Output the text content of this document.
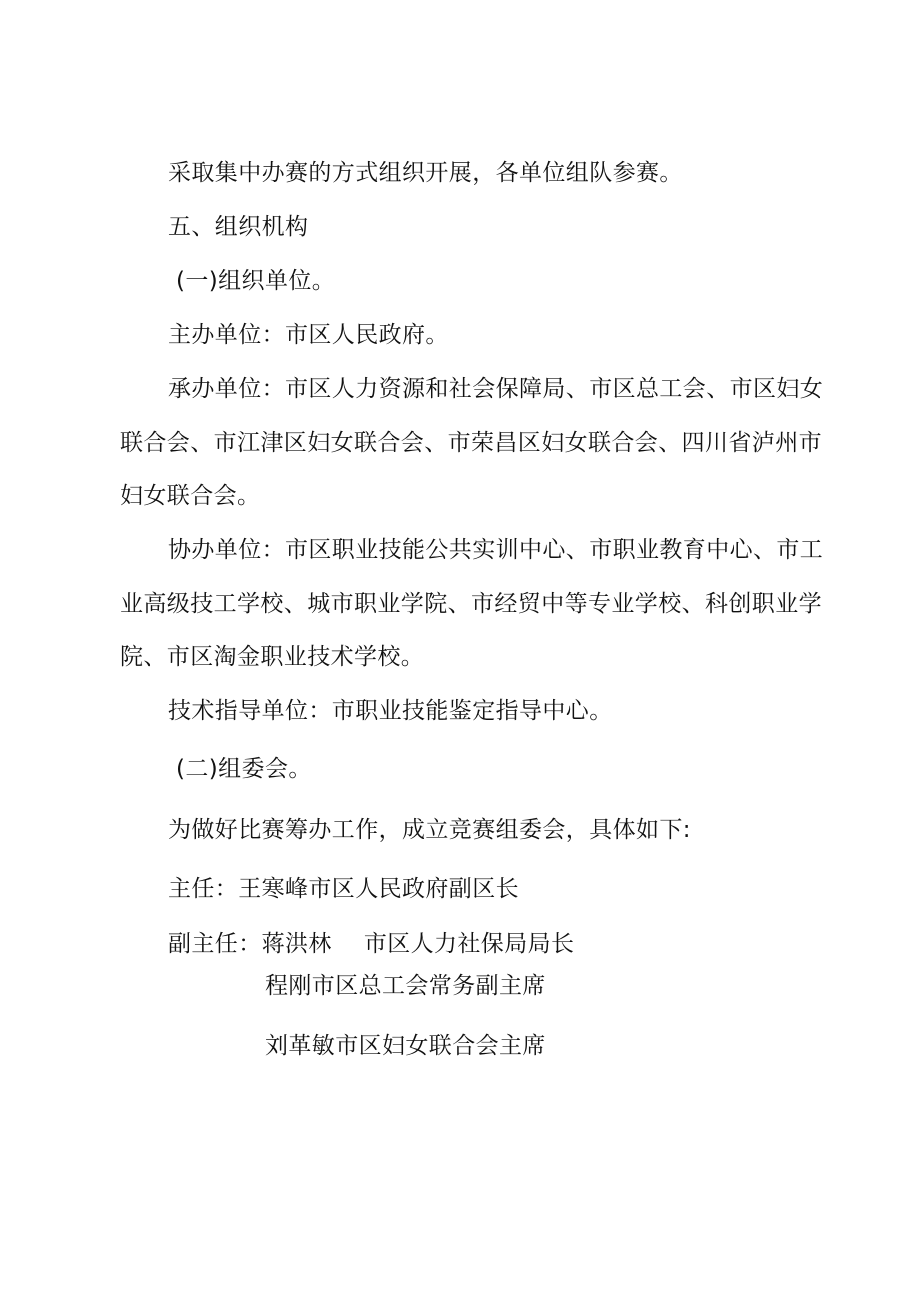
采取集中办赛的方式组织开展，各单位组队参赛。
五、组织机构
(一)组织单位。
主办单位：市区人民政府。
承办单位：市区人力资源和社会保障局、市区总工会、市区妇女
联合会、市江津区妇女联合会、市荣昌区妇女联合会、四川省泸州市
妇女联合会。
协办单位：市区职业技能公共实训中心、市职业教育中心、市工
业高级技工学校、城市职业学院、市经贸中等专业学校、科创职业学
院、市区淘金职业技术学校。
技术指导单位：市职业技能鉴定指导中心。
(二)组委会。
为做好比赛筹办工作，成立竞赛组委会，具体如下:
主任：王寒峰市区人民政府副区长
副主任：蒋洪林 市区人力社保局局长
程刚市区总工会常务副主席
刘革敏市区妇女联合会主席
